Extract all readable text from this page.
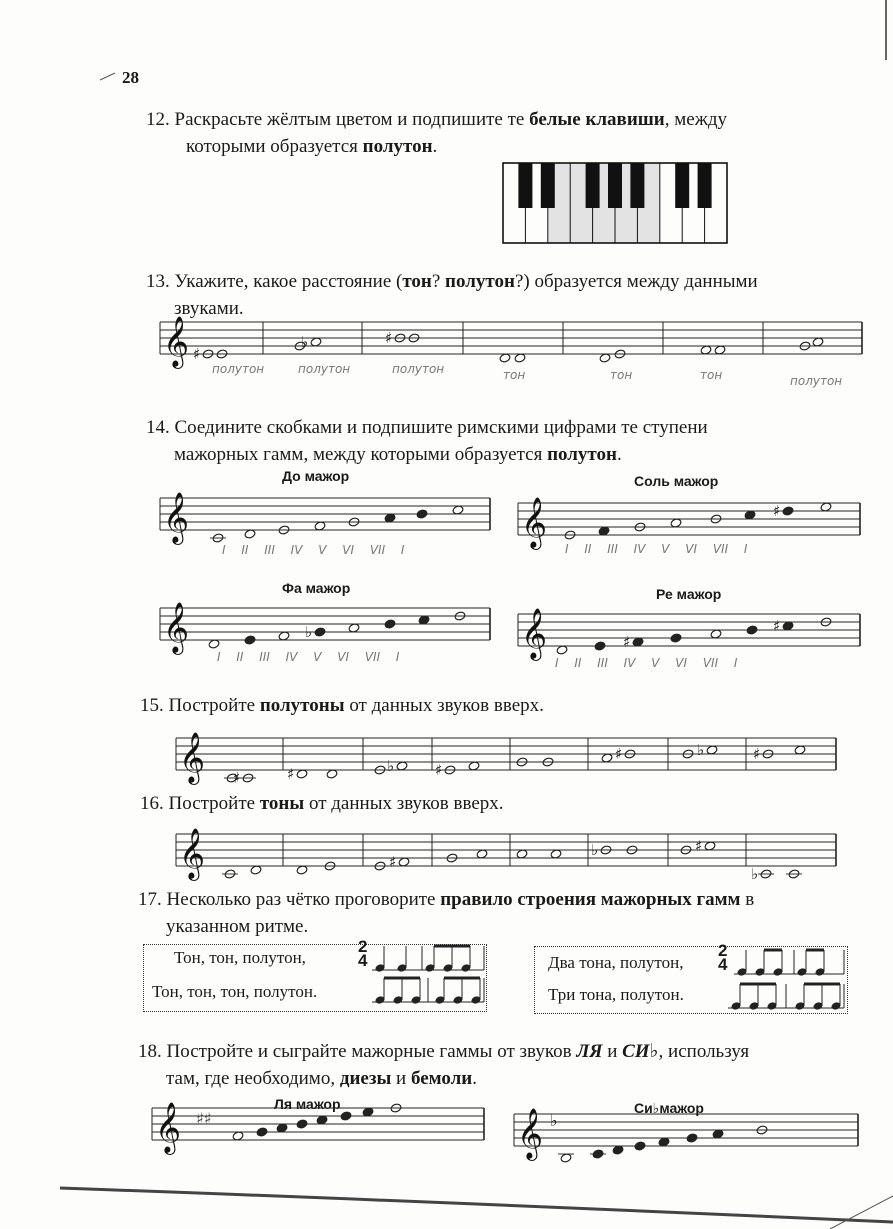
28
12. Раскрасьте жёлтым цветом и подпишите те белые клавиши, между
которыми образуется полутон.
13. Укажите, какое расстояние (тон? полутон?) образуется между данными
звуками.
полутон	полутон	полутон	тон	тон	тон	полутон
14. Соедините скобками и подпишите римскими цифрами те ступени
мажорных гамм, между которыми образуется полутон.
До мажор	Соль мажор
Фа мажор	Ре мажор
I II III IV V VI VII I	I II III IV V VI VII I
I II III IV V VI VII I	I II III IV V VI VII I
15. Постройте полутоны от данных звуков вверх.
16. Постройте тоны от данных звуков вверх.
17. Несколько раз чётко проговорите правило строения мажорных гамм в
указанном ритме.
Тон, тон, полутон,
Тон, тон, тон, полутон.
Два тона, полутон,
Три тона, полутон.
2
4
2
4
18. Постройте и сыграйте мажорные гаммы от звуков ЛЯ и СИ♭, используя
там, где необходимо, диезы и бемоли.
Ля мажор	Си♭мажор
𝄞 ♯
♭	♯
𝄞	𝄞	♯
𝄞	♭	𝄞	♯
♯
𝄞 ♯	♯	♭	♯
♯	♭	♯
𝄞	♯
♭	♯
♭
𝄞 ♯♯	𝄞 ♭
